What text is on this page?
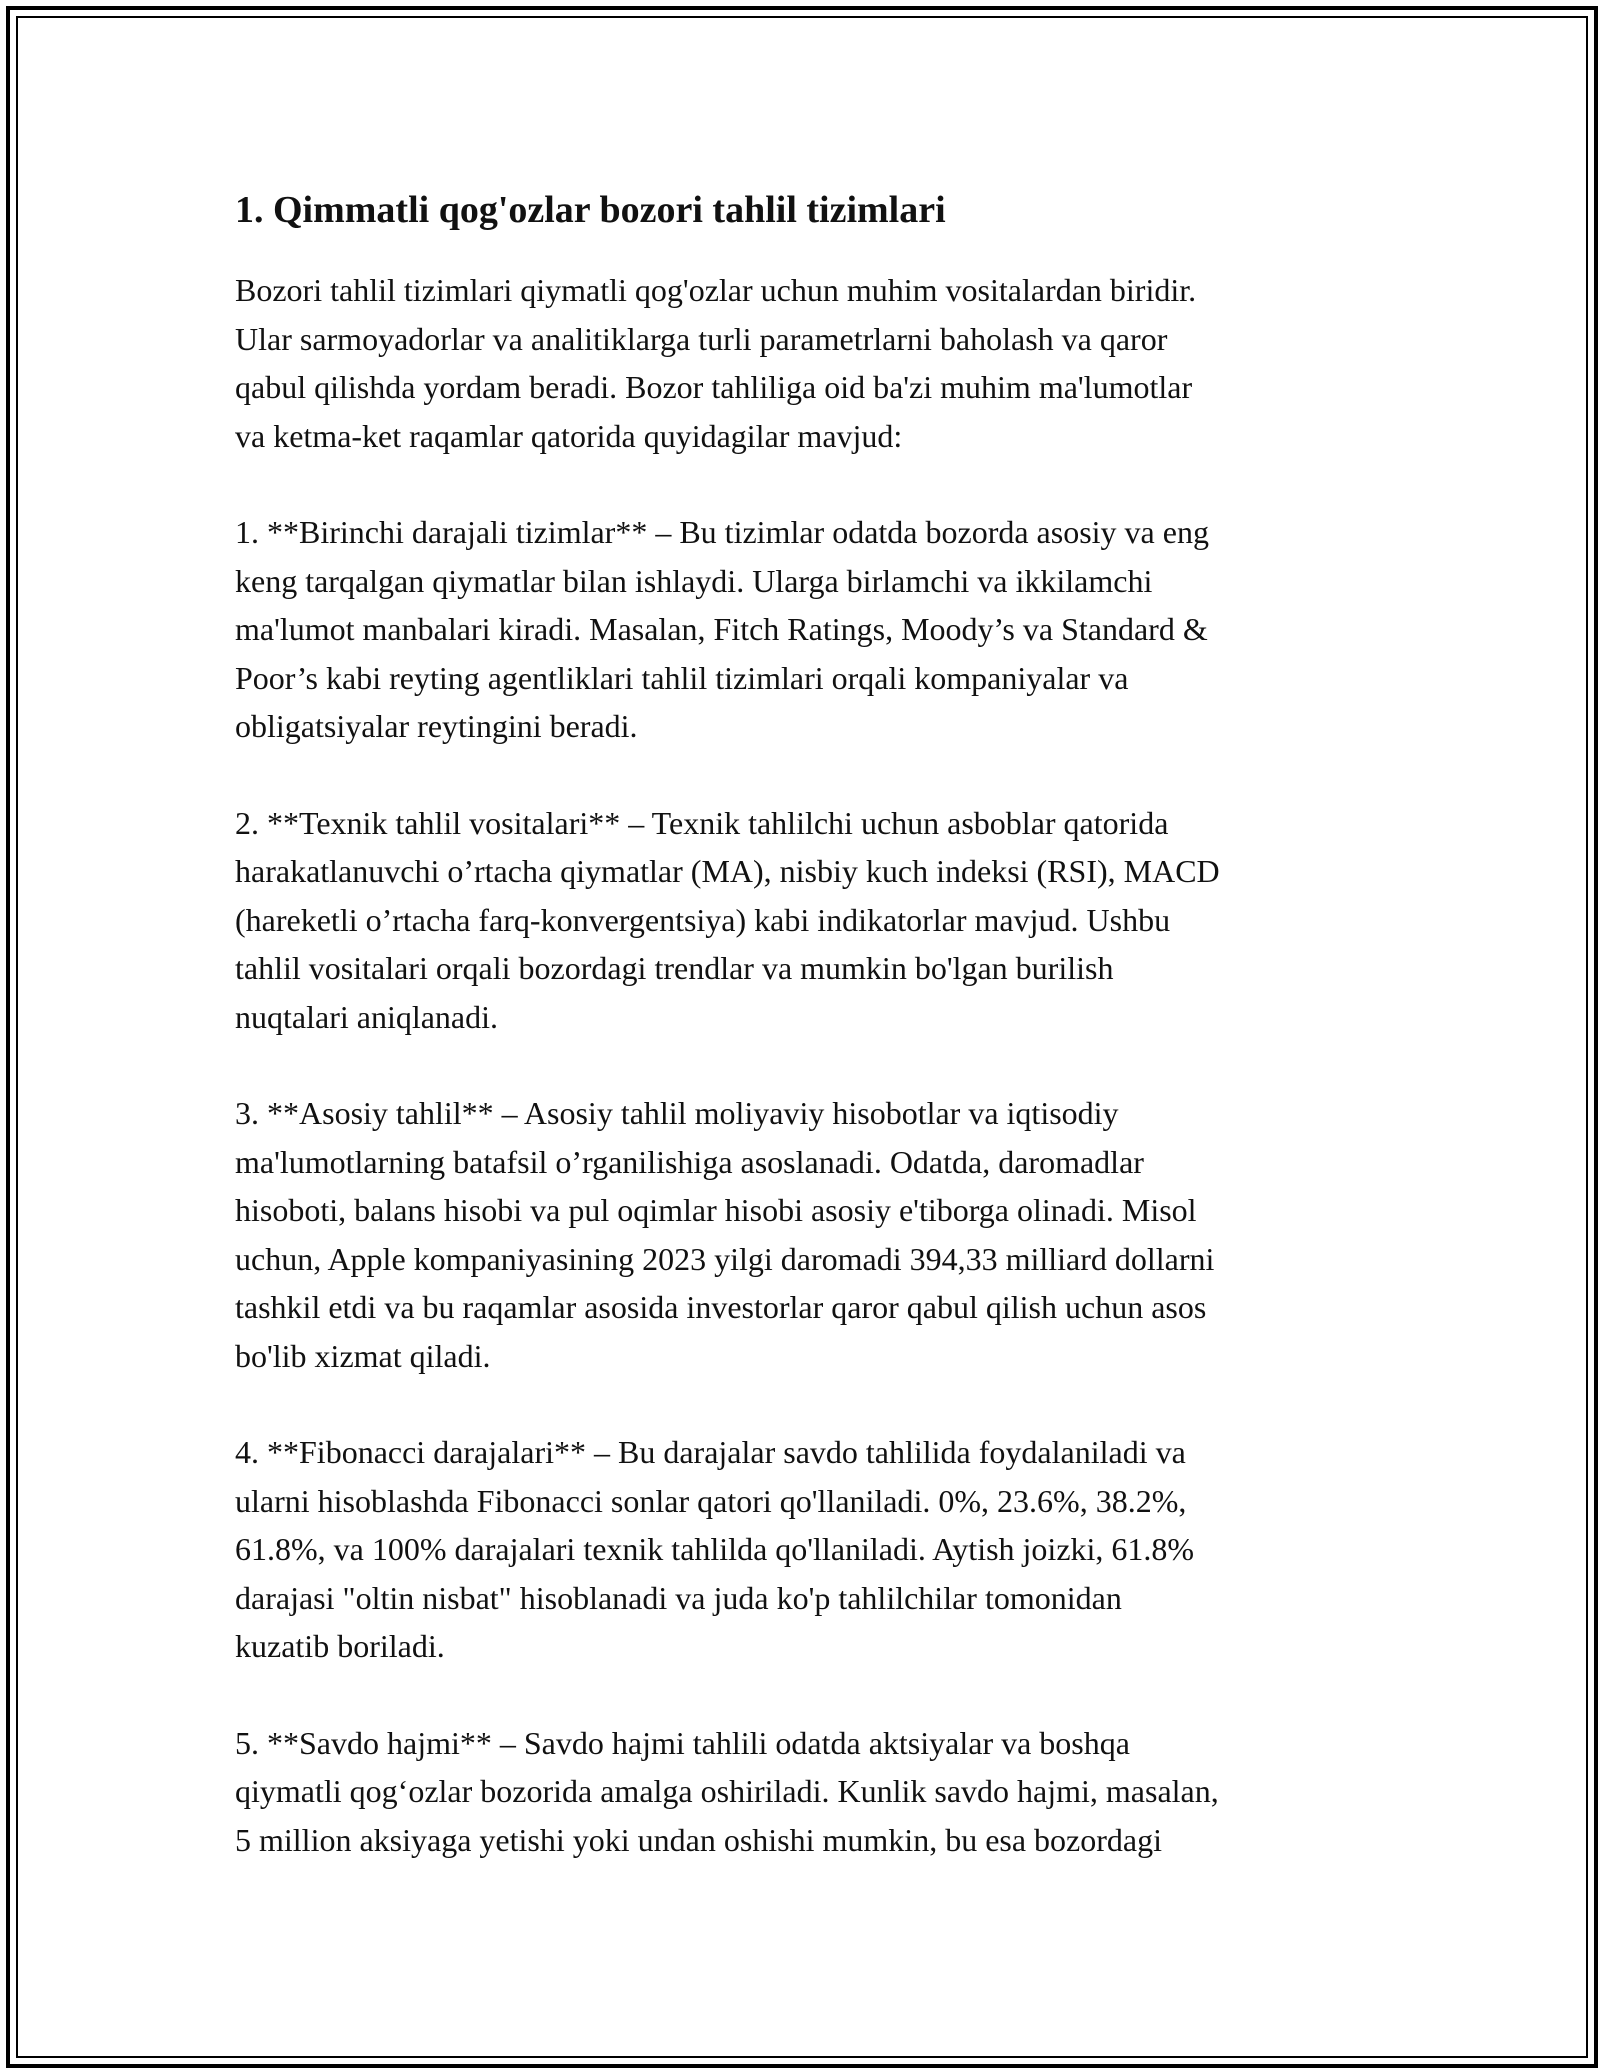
1. Qimmatli qog'ozlar bozori tahlil tizimlari

Bozori tahlil tizimlari qiymatli qog'ozlar uchun muhim vositalardan biridir.
Ular sarmoyadorlar va analitiklarga turli parametrlarni baholash va qaror
qabul qilishda yordam beradi. Bozor tahliliga oid ba'zi muhim ma'lumotlar
va ketma-ket raqamlar qatorida quyidagilar mavjud:

1. **Birinchi darajali tizimlar** – Bu tizimlar odatda bozorda asosiy va eng
keng tarqalgan qiymatlar bilan ishlaydi. Ularga birlamchi va ikkilamchi
ma'lumot manbalari kiradi. Masalan, Fitch Ratings, Moody’s va Standard &
Poor’s kabi reyting agentliklari tahlil tizimlari orqali kompaniyalar va
obligatsiyalar reytingini beradi.

2. **Texnik tahlil vositalari** – Texnik tahlilchi uchun asboblar qatorida
harakatlanuvchi o’rtacha qiymatlar (MA), nisbiy kuch indeksi (RSI), MACD
(hareketli o’rtacha farq-konvergentsiya) kabi indikatorlar mavjud. Ushbu
tahlil vositalari orqali bozordagi trendlar va mumkin bo'lgan burilish
nuqtalari aniqlanadi.

3. **Asosiy tahlil** – Asosiy tahlil moliyaviy hisobotlar va iqtisodiy
ma'lumotlarning batafsil o’rganilishiga asoslanadi. Odatda, daromadlar
hisoboti, balans hisobi va pul oqimlar hisobi asosiy e'tiborga olinadi. Misol
uchun, Apple kompaniyasining 2023 yilgi daromadi 394,33 milliard dollarni
tashkil etdi va bu raqamlar asosida investorlar qaror qabul qilish uchun asos
bo'lib xizmat qiladi.

4. **Fibonacci darajalari** – Bu darajalar savdo tahlilida foydalaniladi va
ularni hisoblashda Fibonacci sonlar qatori qo'llaniladi. 0%, 23.6%, 38.2%,
61.8%, va 100% darajalari texnik tahlilda qo'llaniladi. Aytish joizki, 61.8%
darajasi "oltin nisbat" hisoblanadi va juda ko'p tahlilchilar tomonidan
kuzatib boriladi.

5. **Savdo hajmi** – Savdo hajmi tahlili odatda aktsiyalar va boshqa
qiymatli qog‘ozlar bozorida amalga oshiriladi. Kunlik savdo hajmi, masalan,
5 million aksiyaga yetishi yoki undan oshishi mumkin, bu esa bozordagi
